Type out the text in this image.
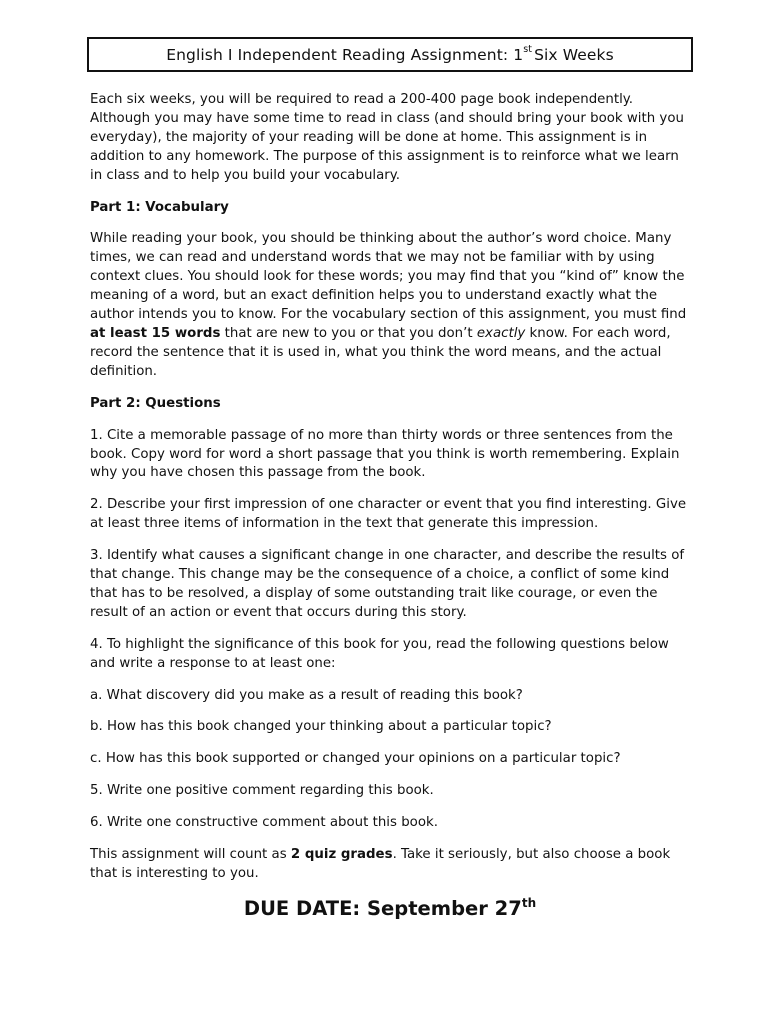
English I Independent Reading Assignment: 1st Six Weeks

Each six weeks, you will be required to read a 200-400 page book independently. Although you may have some time to read in class (and should bring your book with you everyday), the majority of your reading will be done at home. This assignment is in addition to any homework. The purpose of this assignment is to reinforce what we learn in class and to help you build your vocabulary.

Part 1: Vocabulary

While reading your book, you should be thinking about the author’s word choice. Many times, we can read and understand words that we may not be familiar with by using context clues. You should look for these words; you may find that you “kind of” know the meaning of a word, but an exact definition helps you to understand exactly what the author intends you to know. For the vocabulary section of this assignment, you must find at least 15 words that are new to you or that you don’t exactly know. For each word, record the sentence that it is used in, what you think the word means, and the actual definition.

Part 2: Questions

1. Cite a memorable passage of no more than thirty words or three sentences from the book. Copy word for word a short passage that you think is worth remembering. Explain why you have chosen this passage from the book.

2. Describe your first impression of one character or event that you find interesting. Give at least three items of information in the text that generate this impression.

3. Identify what causes a significant change in one character, and describe the results of that change. This change may be the consequence of a choice, a conflict of some kind that has to be resolved, a display of some outstanding trait like courage, or even the result of an action or event that occurs during this story.

4. To highlight the significance of this book for you, read the following questions below and write a response to at least one:

a. What discovery did you make as a result of reading this book?

b. How has this book changed your thinking about a particular topic?

c. How has this book supported or changed your opinions on a particular topic?

5. Write one positive comment regarding this book.

6. Write one constructive comment about this book.

This assignment will count as 2 quiz grades. Take it seriously, but also choose a book that is interesting to you.

DUE DATE: September 27th
